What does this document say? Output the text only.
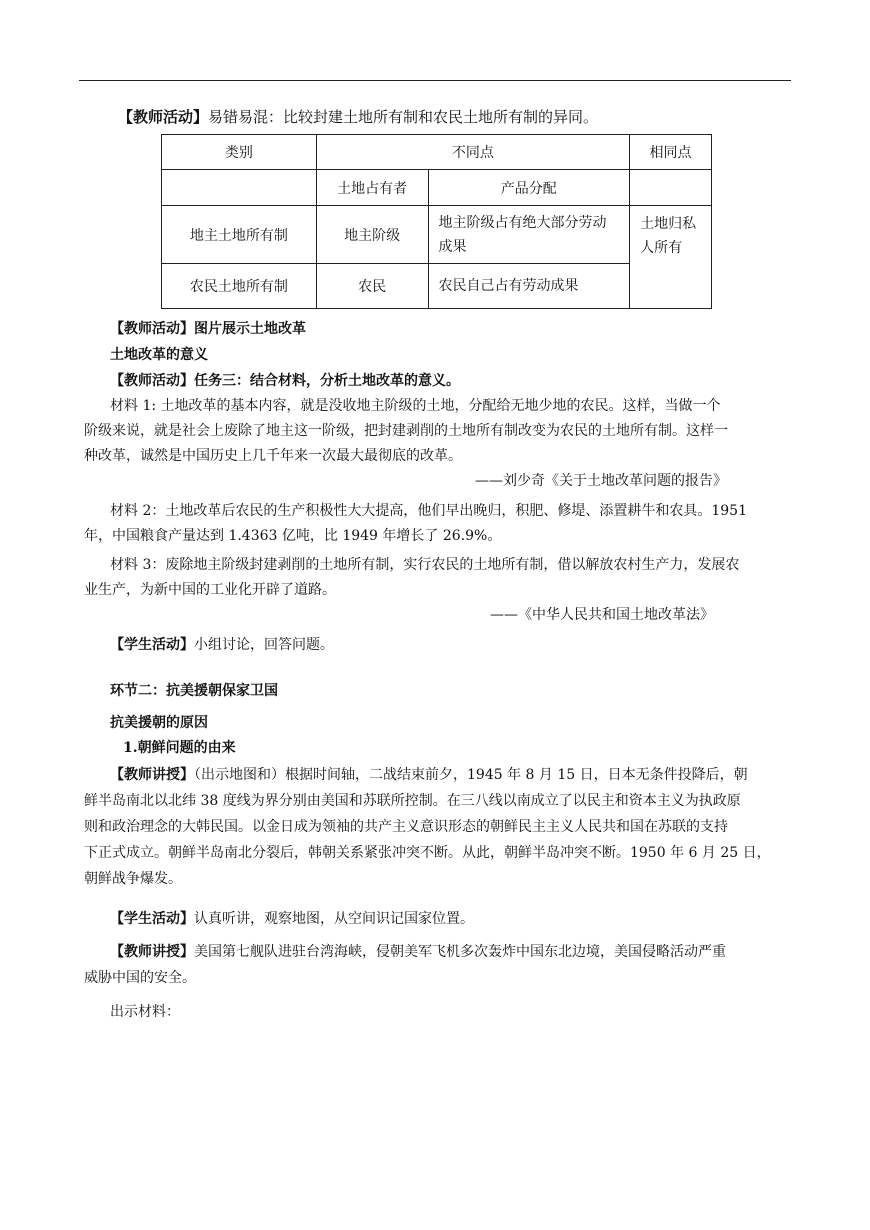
【教师活动】易错易混：比较封建土地所有制和农民土地所有制的异同。
类别	不同点		相同点
	土地占有者	产品分配	
地主土地所有制	地主阶级	地主阶级占有绝大部分劳动成果	土地归私人所有
农民土地所有制	农民	农民自己占有劳动成果	
【教师活动】图片展示土地改革
土地改革的意义
【教师活动】任务三：结合材料，分析土地改革的意义。
材料 1: 土地改革的基本内容，就是没收地主阶级的土地，分配给无地少地的农民。这样，当做一个
阶级来说，就是社会上废除了地主这一阶级，把封建剥削的土地所有制改变为农民的土地所有制。这样一
种改革，诚然是中国历史上几千年来一次最大最彻底的改革。
——刘少奇《关于土地改革问题的报告》
材料 2：土地改革后农民的生产积极性大大提高，他们早出晚归，积肥、修堤、添置耕牛和农具。1951
年，中国粮食产量达到 1.4363 亿吨，比 1949 年增长了 26.9%。
材料 3：废除地主阶级封建剥削的土地所有制，实行农民的土地所有制，借以解放农村生产力，发展农
业生产，为新中国的工业化开辟了道路。
——《中华人民共和国土地改革法》
【学生活动】小组讨论，回答问题。
环节二：抗美援朝保家卫国
抗美援朝的原因
1.朝鲜问题的由来
【教师讲授】（出示地图和）根据时间轴，二战结束前夕，1945 年 8 月 15 日，日本无条件投降后，朝
鲜半岛南北以北纬 38 度线为界分别由美国和苏联所控制。在三八线以南成立了以民主和资本主义为执政原
则和政治理念的大韩民国。以金日成为领袖的共产主义意识形态的朝鲜民主主义人民共和国在苏联的支持
下正式成立。朝鲜半岛南北分裂后，韩朝关系紧张冲突不断。从此，朝鲜半岛冲突不断。1950 年 6 月 25 日，
朝鲜战争爆发。
【学生活动】认真听讲，观察地图，从空间识记国家位置。
【教师讲授】美国第七舰队进驻台湾海峡，侵朝美军飞机多次轰炸中国东北边境，美国侵略活动严重
威胁中国的安全。
出示材料：
